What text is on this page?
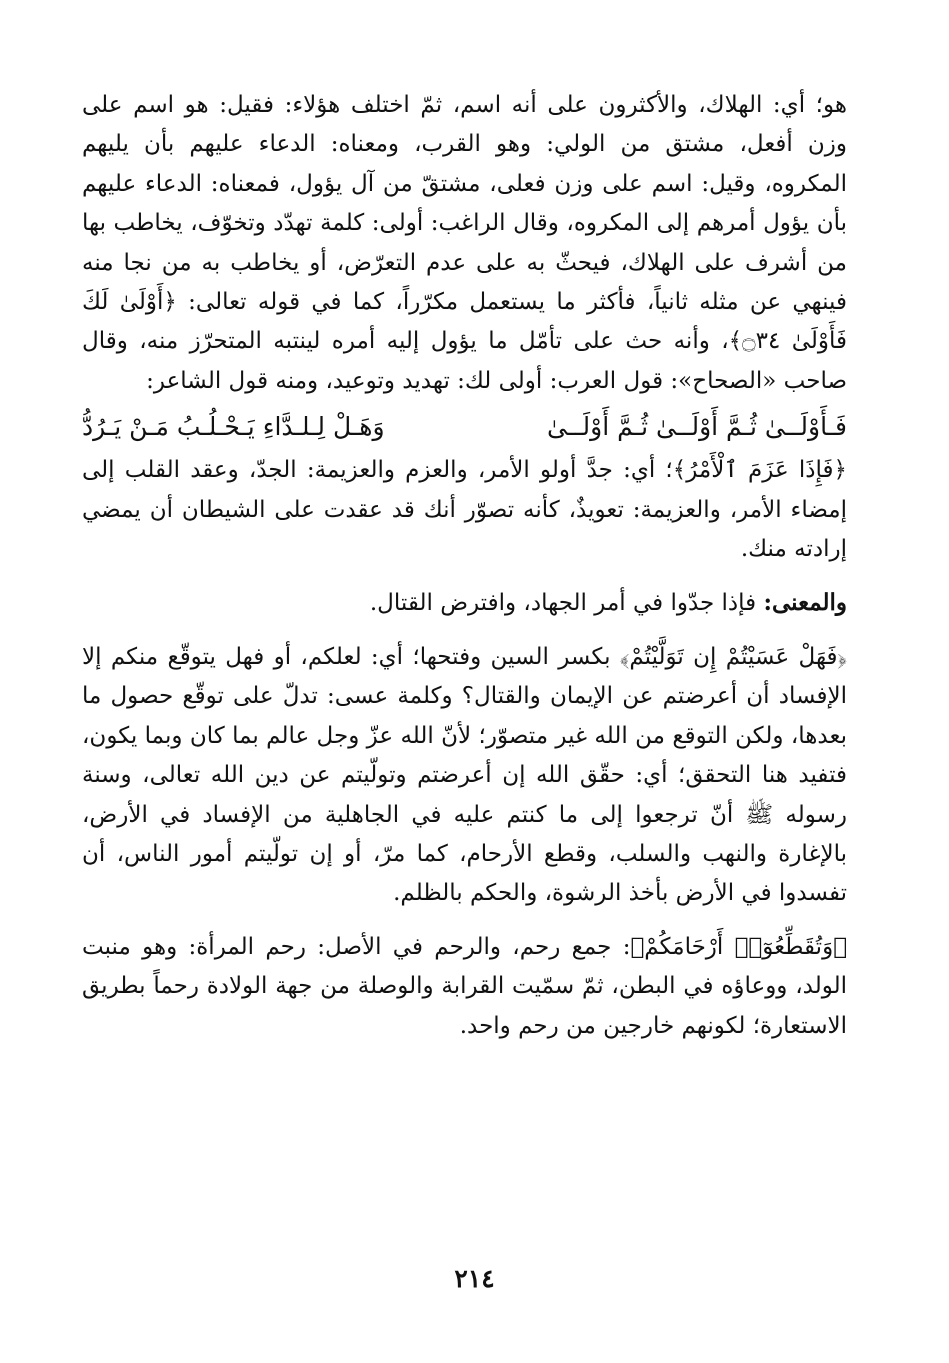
هو؛ أي: الهلاك، والأكثرون على أنه اسم، ثمّ اختلف هؤلاء: فقيل: هو اسم على وزن أفعل، مشتق من الولي: وهو القرب، ومعناه: الدعاء عليهم بأن يليهم المكروه، وقيل: اسم على وزن فعلى، مشتقّ من آل يؤول، فمعناه: الدعاء عليهم بأن يؤول أمرهم إلى المكروه، وقال الراغب: أولى: كلمة تهدّد وتخوّف، يخاطب بها من أشرف على الهلاك، فيحثّ به على عدم التعرّض، أو يخاطب به من نجا منه فينهي عن مثله ثانياً، فأكثر ما يستعمل مكرّراً، كما في قوله تعالى: ﴿أَوْلَىٰ لَكَ فَأَوْلَىٰ ۝٣٤﴾، وأنه حث على تأمّل ما يؤول إليه أمره لينتبه المتحرّز منه، وقال صاحب «الصحاح»: قول العرب: أولى لك: تهديد وتوعيد، ومنه قول الشاعر:

فَـأَوْلَــىٰ ثُـمَّ أَوْلَــىٰ ثُـمَّ أَوْلَــىٰ
وَهَـلْ لِـلـدَّاءِ يَـحْـلُـبُ مَـنْ يَـرُدُّ

﴿فَإِذَا عَزَمَ ٱلْأَمْرُ﴾؛ أي: جدَّ أولو الأمر، والعزم والعزيمة: الجدّ، وعقد القلب إلى إمضاء الأمر، والعزيمة: تعويذٌ، كأنه تصوّر أنك قد عقدت على الشيطان أن يمضي إرادته منك.

والمعنى: فإذا جدّوا في أمر الجهاد، وافترض القتال.

﴿فَهَلْ عَسَيْتُمْ إِن تَوَلَّيْتُمْ﴾ بكسر السين وفتحها؛ أي: لعلكم، أو فهل يتوقّع منكم إلا الإفساد أن أعرضتم عن الإيمان والقتال؟ وكلمة عسى: تدلّ على توقّع حصول ما بعدها، ولكن التوقع من الله غير متصوّر؛ لأنّ الله عزّ وجل عالم بما كان وبما يكون، فتفيد هنا التحقق؛ أي: حقّق الله إن أعرضتم وتولّيتم عن دين الله تعالى، وسنة رسوله ﷺ أنّ ترجعوا إلى ما كنتم عليه في الجاهلية من الإفساد في الأرض، بالإغارة والنهب والسلب، وقطع الأرحام، كما مرّ، أو إن تولّيتم أمور الناس، أن تفسدوا في الأرض بأخذ الرشوة، والحكم بالظلم.

﴿وَتُقَطِّعُوٓا۟ أَرْحَامَكُمْ﴾: جمع رحم، والرحم في الأصل: رحم المرأة: وهو منبت الولد، ووعاؤه في البطن، ثمّ سمّيت القرابة والوصلة من جهة الولادة رحماً بطريق الاستعارة؛ لكونهم خارجين من رحم واحد.

٢١٤
